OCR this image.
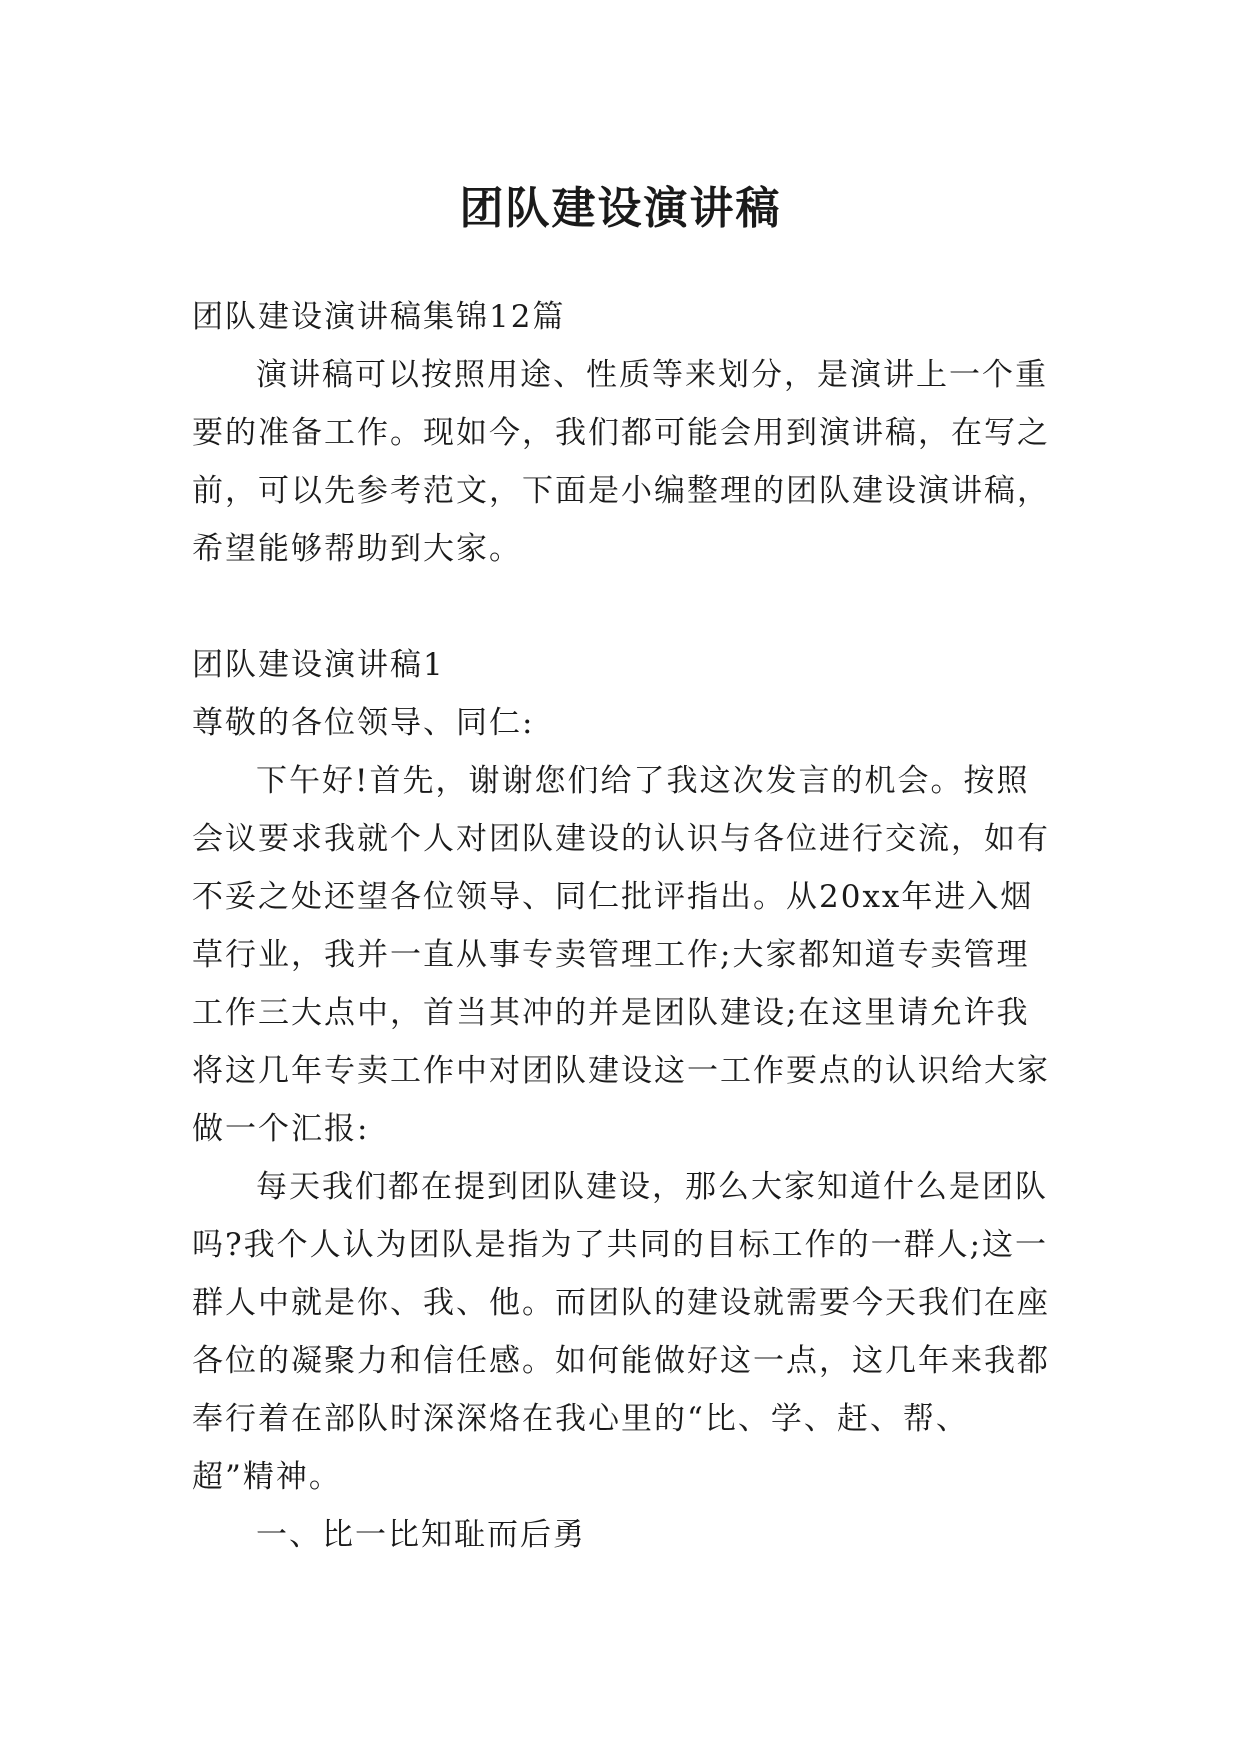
团队建设演讲稿

团队建设演讲稿集锦12篇

演讲稿可以按照用途、性质等来划分，是演讲上一个重要的准备工作。现如今，我们都可能会用到演讲稿，在写之前，可以先参考范文，下面是小编整理的团队建设演讲稿，希望能够帮助到大家。

团队建设演讲稿1

尊敬的各位领导、同仁:

下午好!首先，谢谢您们给了我这次发言的机会。按照会议要求我就个人对团队建设的认识与各位进行交流，如有不妥之处还望各位领导、同仁批评指出。从20xx年进入烟草行业，我并一直从事专卖管理工作;大家都知道专卖管理工作三大点中，首当其冲的并是团队建设;在这里请允许我将这几年专卖工作中对团队建设这一工作要点的认识给大家做一个汇报:

每天我们都在提到团队建设，那么大家知道什么是团队吗?我个人认为团队是指为了共同的目标工作的一群人;这一群人中就是你、我、他。而团队的建设就需要今天我们在座各位的凝聚力和信任感。如何能做好这一点，这几年来我都奉行着在部队时深深烙在我心里的“比、学、赶、帮、超”精神。

一、比一比知耻而后勇
